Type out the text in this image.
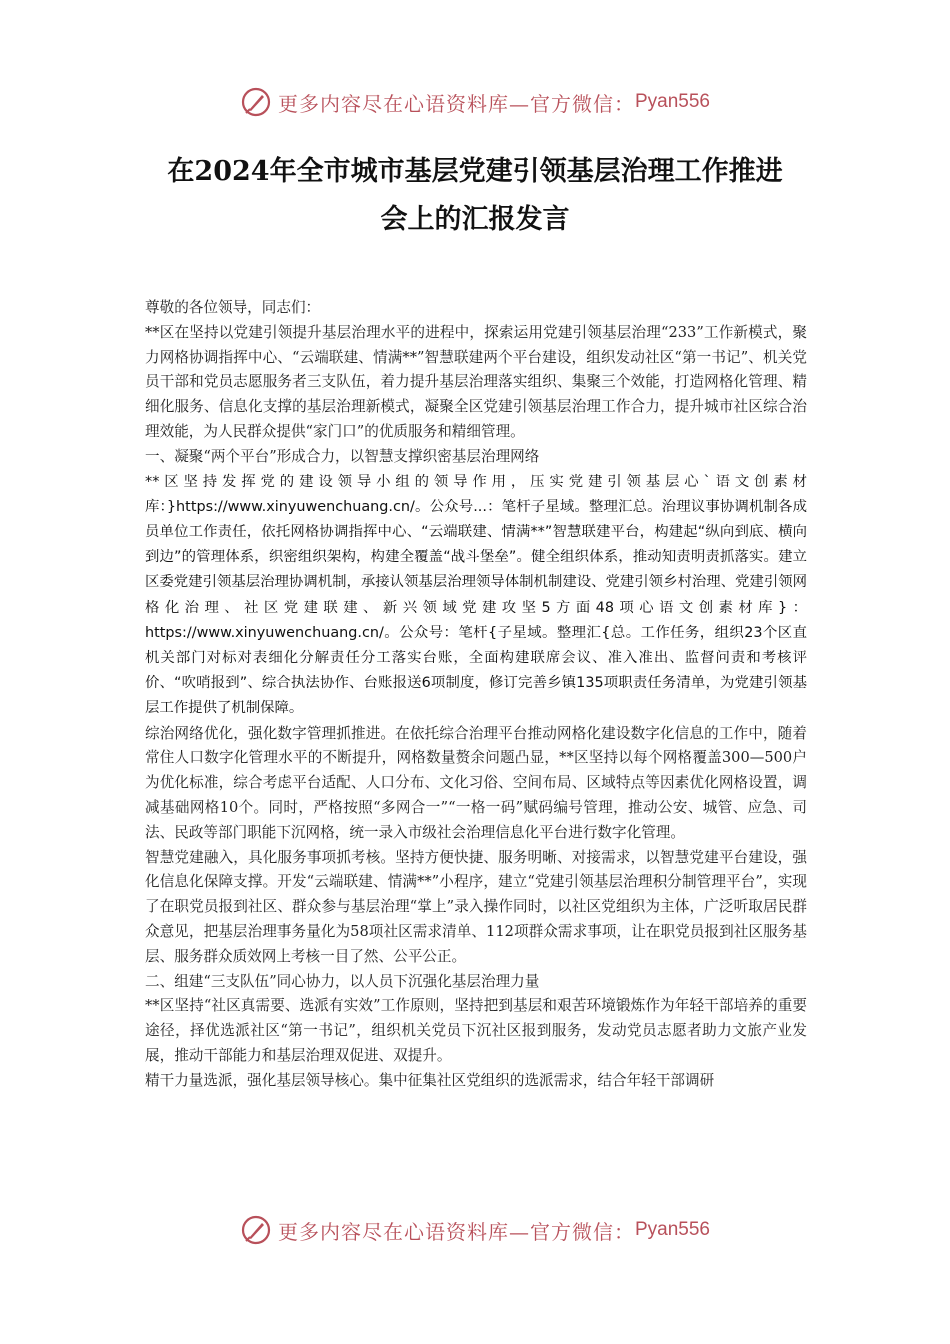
更多内容尽在心语资料库—官方微信： Pyan556
在2024年全市城市基层党建引领基层治理工作推进
会上的汇报发言

尊敬的各位领导，同志们：

**区在坚持以党建引领提升基层治理水平的进程中，探索运用党建引领基层治理“233”工作新模式，聚力网格协调指挥中心、“云端联建、情满**”智慧联建两个平台建设，组织发动社区“第一书记”、机关党员干部和党员志愿服务者三支队伍，着力提升基层治理落实组织、集聚三个效能，打造网格化管理、精细化服务、信息化支撑的基层治理新模式，凝聚全区党建引领基层治理工作合力，提升城市社区综合治理效能，为人民群众提供“家门口”的优质服务和精细管理。

一、凝聚“两个平台”形成合力，以智慧支撑织密基层治理网络

**区坚持发挥党的建设领导小组的领导作用，压实党建引领基层心`语文创素材库：}https://www.xinyuwenchuang.cn/。公众号...：笔杆子星域。整理汇总。治理议事协调机制各成员单位工作责任，依托网格协调指挥中心、“云端联建、情满**”智慧联建平台，构建起“纵向到底、横向到边”的管理体系，织密组织架构，构建全覆盖“战斗堡垒”。健全组织体系，推动知责明责抓落实。建立区委党建引领基层治理协调机制，承接认领基层治理领导体制机制建设、党建引领乡村治理、党建引领网格化治理、社区党建联建、新兴领域党建攻坚5方面48项心语文创素材库}：https://www.xinyuwenchuang.cn/。公众号：笔杆{子星域。整理汇{总。工作任务，组织23个区直机关部门对标对表细化分解责任分工落实台账，全面构建联席会议、准入准出、监督问责和考核评价、“吹哨报到”、综合执法协作、台账报送6项制度，修订完善乡镇135项职责任务清单，为党建引领基层工作提供了机制保障。

综治网络优化，强化数字管理抓推进。在依托综合治理平台推动网格化建设数字化信息的工作中，随着常住人口数字化管理水平的不断提升，网格数量赘余问题凸显，**区坚持以每个网格覆盖300—500户为优化标准，综合考虑平台适配、人口分布、文化习俗、空间布局、区域特点等因素优化网格设置，调减基础网格10个。同时，严格按照“多网合一”“一格一码”赋码编号管理，推动公安、城管、应急、司法、民政等部门职能下沉网格，统一录入市级社会治理信息化平台进行数字化管理。

智慧党建融入，具化服务事项抓考核。坚持方便快捷、服务明晰、对接需求，以智慧党建平台建设，强化信息化保障支撑。开发“云端联建、情满**”小程序，建立“党建引领基层治理积分制管理平台”，实现了在职党员报到社区、群众参与基层治理“掌上”录入操作同时，以社区党组织为主体，广泛听取居民群众意见，把基层治理事务量化为58项社区需求清单、112项群众需求事项，让在职党员报到社区服务基层、服务群众质效网上考核一目了然、公平公正。

二、组建“三支队伍”同心协力，以人员下沉强化基层治理力量

**区坚持“社区真需要、选派有实效”工作原则，坚持把到基层和艰苦环境锻炼作为年轻干部培养的重要途径，择优选派社区“第一书记”，组织机关党员下沉社区报到服务，发动党员志愿者助力文旅产业发展，推动干部能力和基层治理双促进、双提升。

精干力量选派，强化基层领导核心。集中征集社区党组织的选派需求，结合年轻干部调研

更多内容尽在心语资料库—官方微信： Pyan556
